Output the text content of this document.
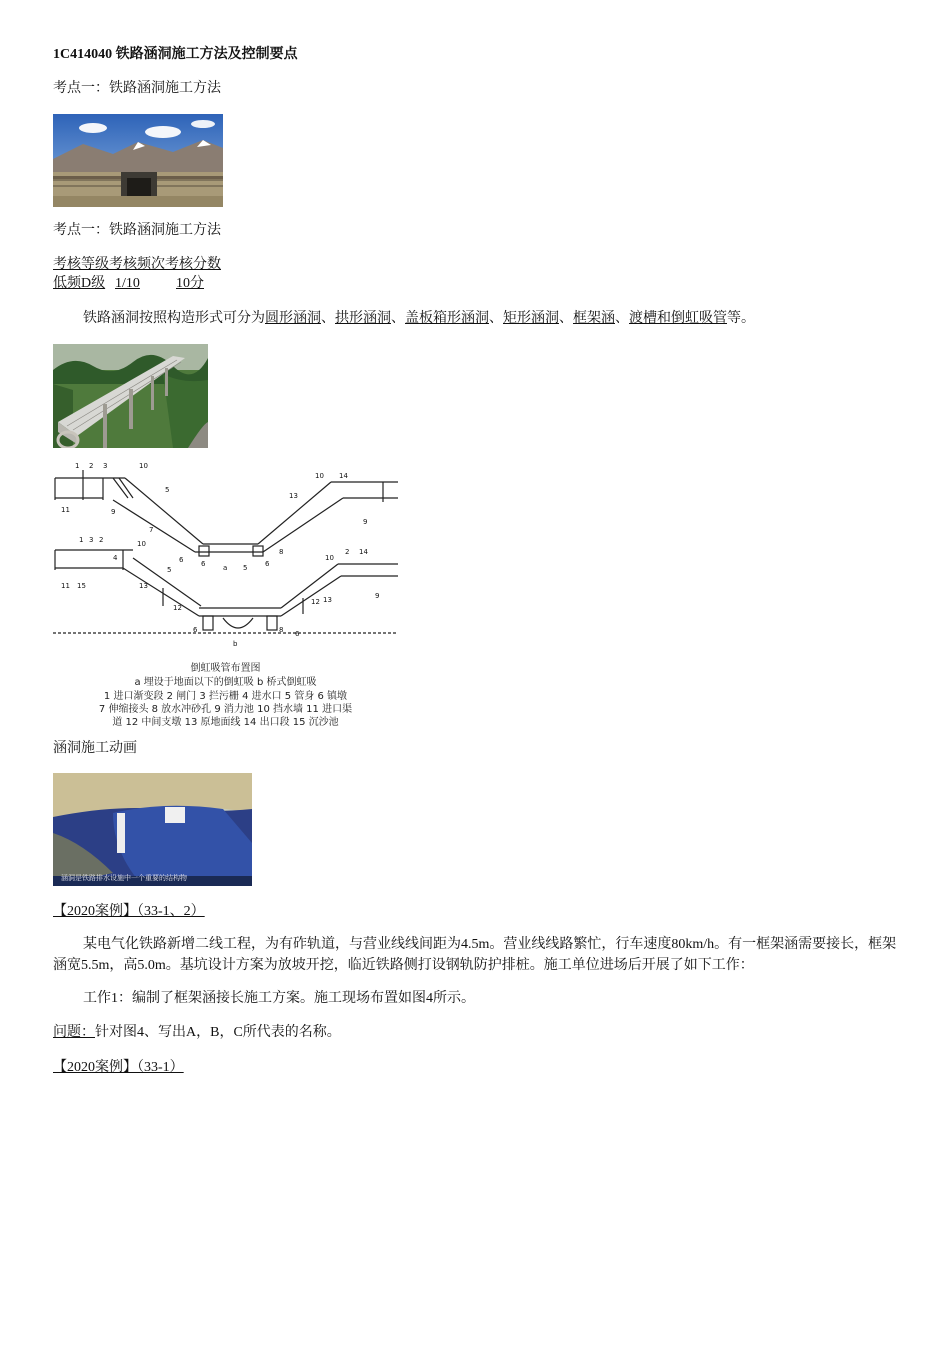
1C414040 铁路涵洞施工方法及控制要点
考点一：铁路涵洞施工方法
考点一：铁路涵洞施工方法
考核等级考核频次考核分数
低频D级 1/10	10分

铁路涵洞按照构造形式可分为圆形涵洞、拱形涵洞、盖板箱形涵洞、矩形涵洞、框架涵、渡槽和倒虹吸管等。

1 2 3	10
5
7
11	9
a 5
6	6
8
13
10 14
9
1 3 2
4
10
6
5
11 15	13
12
6
b
8 6
10
2 14
9
12 13
倒虹吸管布置图
a 埋设于地面以下的倒虹吸 b 桥式倒虹吸
1 进口渐变段 2 闸门 3 拦污栅 4 进水口 5 管身 6 镇墩
7 伸缩接头 8 放水冲砂孔 9 消力池 10 挡水墙 11 进口渠
道 12 中间支墩 13 原地面线 14 出口段 15 沉沙池
涵洞施工动画
涵洞是铁路排水设施中一个重要的结构物
【2020案例】（33-1、2）

某电气化铁路新增二线工程，为有砟轨道，与营业线线间距为4.5m。营业线线路繁忙，行车速度80km/h。有一框架涵需要接长，框架涵宽5.5m，高5.0m。基坑设计方案为放坡开挖，临近铁路侧打设钢轨防护排桩。施工单位进场后开展了如下工作：

工作1：编制了框架涵接长施工方案。施工现场布置如图4所示。

问题：针对图4、写出A，B，C所代表的名称。
【2020案例】（33-1）
